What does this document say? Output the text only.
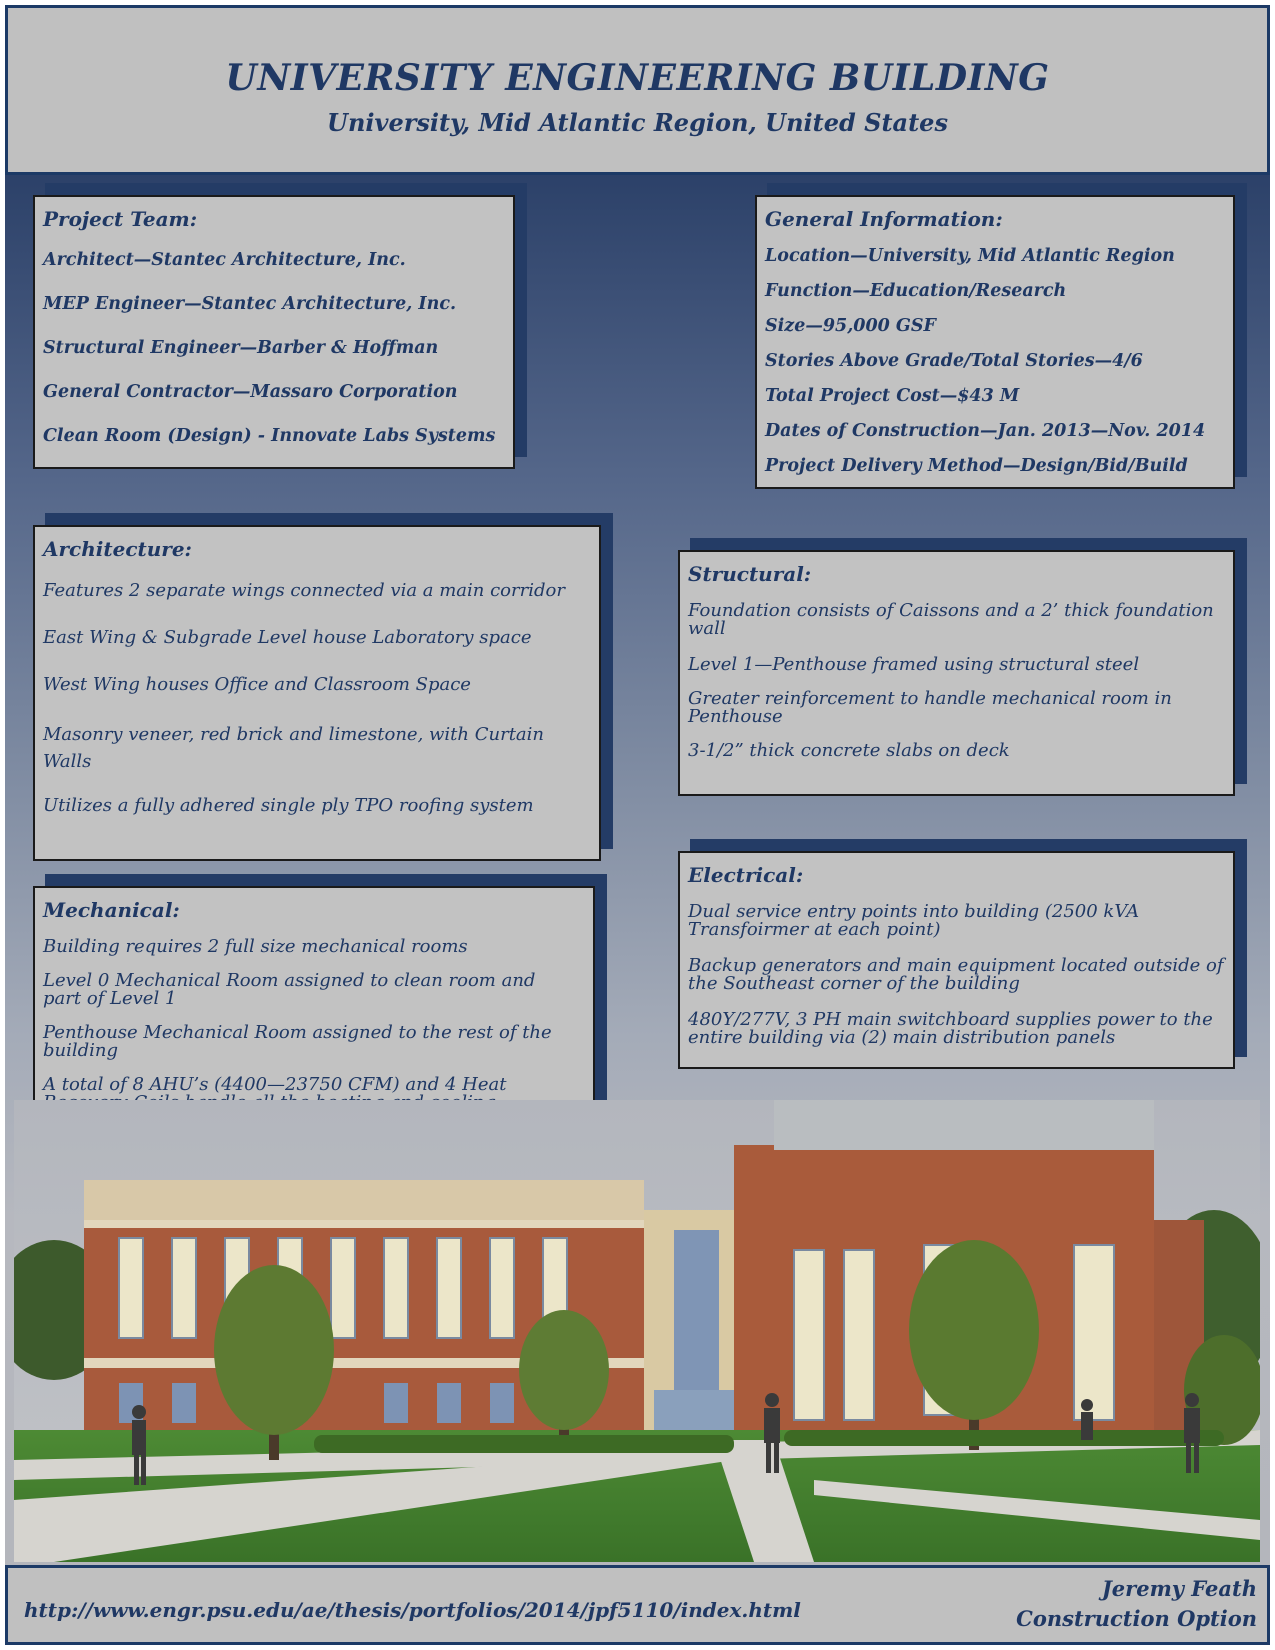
UNIVERSITY ENGINEERING BUILDING
University, Mid Atlantic Region, United States
Project Team:
Architect—Stantec Architecture, Inc.
MEP Engineer—Stantec Architecture, Inc.
Structural Engineer—Barber & Hoffman
General Contractor—Massaro Corporation
Clean Room (Design) - Innovate Labs Systems
General Information:
Location—University, Mid Atlantic Region
Function—Education/Research
Size—95,000 GSF
Stories Above Grade/Total Stories—4/6
Total Project Cost—$43 M
Dates of Construction—Jan. 2013—Nov. 2014
Project Delivery Method—Design/Bid/Build
Architecture:
Features 2 separate wings connected via a main corridor
East Wing & Subgrade Level house Laboratory space
West Wing houses Office and Classroom Space
Masonry veneer, red brick and limestone, with Curtain Walls
Utilizes a fully adhered single ply TPO roofing system
Structural:
Foundation consists of Caissons and a 2’ thick foundation wall
Level 1—Penthouse framed using structural steel
Greater reinforcement to handle mechanical room in Penthouse
3-1/2” thick concrete slabs on deck
Mechanical:
Building requires 2 full size mechanical rooms
Level 0 Mechanical Room assigned to clean room and part of Level 1
Penthouse Mechanical Room assigned to the rest of the building
A total of 8 AHU’s (4400—23750 CFM) and 4 Heat
Electrical:
Dual service entry points into building (2500 kVA Transfoirmer at each point)
Backup generators and main equipment located outside of the Southeast corner of the building
480Y/277V, 3 PH main switchboard supplies power to the entire building via (2) main distribution panels
http://www.engr.psu.edu/ae/thesis/portfolios/2014/jpf5110/index.html
Jeremy Feath
Construction Option
